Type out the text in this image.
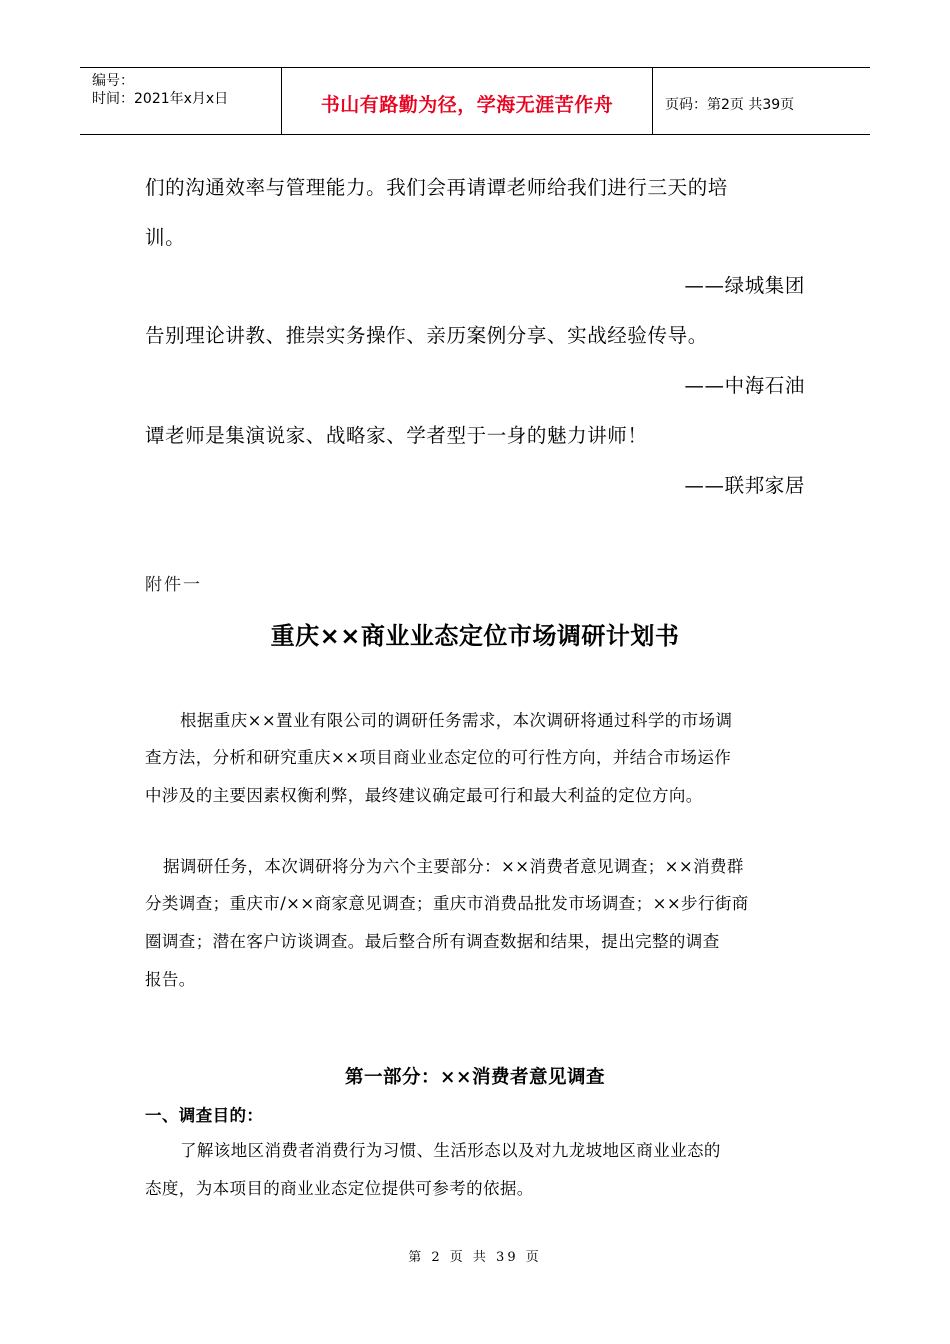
编号：
时间：2021年x月x日	书山有路勤为径，学海无涯苦作舟	页码：第2页 共39页
们的沟通效率与管理能力。我们会再请谭老师给我们进行三天的培
训。
——绿城集团
告别理论讲教、推崇实务操作、亲历案例分享、实战经验传导。
——中海石油
谭老师是集演说家、战略家、学者型于一身的魅力讲师！
——联邦家居
附件一
重庆××商业业态定位市场调研计划书
根据重庆××置业有限公司的调研任务需求，本次调研将通过科学的市场调
查方法，分析和研究重庆××项目商业业态定位的可行性方向，并结合市场运作
中涉及的主要因素权衡利弊，最终建议确定最可行和最大利益的定位方向。
据调研任务，本次调研将分为六个主要部分：××消费者意见调查；××消费群
分类调查；重庆市/××商家意见调查；重庆市消费品批发市场调查；××步行街商
圈调查；潜在客户访谈调查。最后整合所有调查数据和结果，提出完整的调查
报告。
第一部分：××消费者意见调查
一、调查目的：
了解该地区消费者消费行为习惯、生活形态以及对九龙坡地区商业业态的
态度，为本项目的商业业态定位提供可参考的依据。
第 2 页 共 39 页
